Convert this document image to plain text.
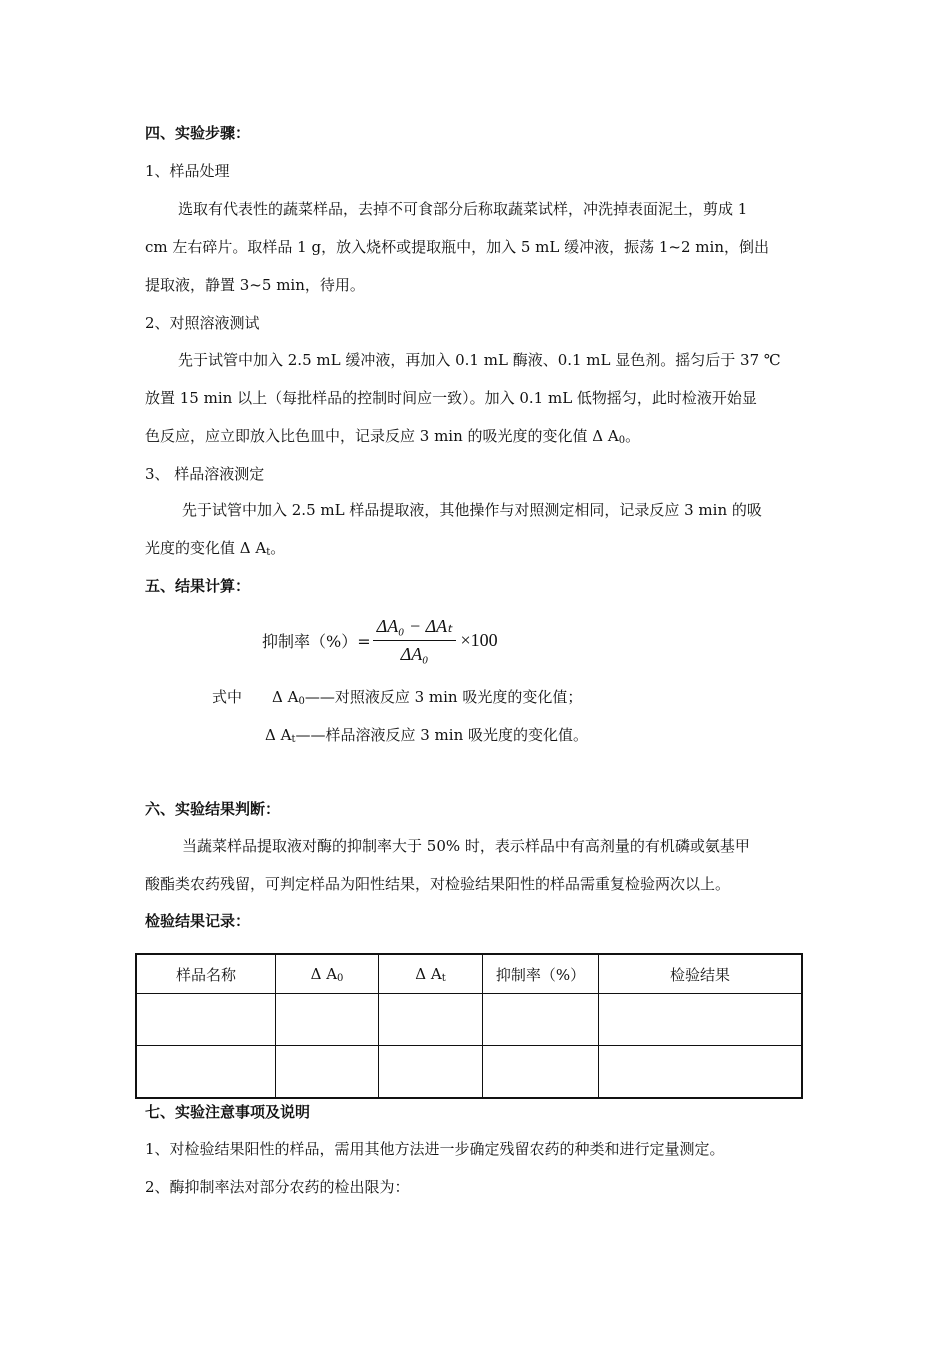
四、实验步骤：
1、样品处理
选取有代表性的蔬菜样品，去掉不可食部分后称取蔬菜试样，冲洗掉表面泥土，剪成 1
cm 左右碎片。取样品 1 g，放入烧杯或提取瓶中，加入 5 mL 缓冲液，振荡 1~2 min，倒出
提取液，静置 3~5 min，待用。
2、对照溶液测试
先于试管中加入 2.5 mL 缓冲液，再加入 0.1 mL 酶液、0.1 mL 显色剂。摇匀后于 37 ℃
放置 15 min 以上（每批样品的控制时间应一致）。加入 0.1 mL 低物摇匀，此时检液开始显
色反应，应立即放入比色皿中，记录反应 3 min 的吸光度的变化值 Δ $A_0$。
3、 样品溶液测定
先于试管中加入 2.5 mL 样品提取液，其他操作与对照测定相同，记录反应 3 min 的吸
光度的变化值 Δ $A_t$。
五、结果计算：
抑制率（%）= $\frac{\text{ΔA₀ − ΔAₜ}}{\text{ΔA₀}} \times 100$
式中 Δ $A_0——$对照液反应 3 min 吸光度的变化值；
Δ $A_t——$样品溶液反应 3 min 吸光度的变化值。
六、实验结果判断：
当蔬菜样品提取液对酶的抑制率大于 50% 时，表示样品中有高剂量的有机磷或氨基甲
酸酯类农药残留，可判定样品为阳性结果，对检验结果阳性的样品需重复检验两次以上。
检验结果记录：
样品名称	Δ $A_0$	Δ $A_t$	抑制率（%）	检验结果

七、实验注意事项及说明
1、对检验结果阳性的样品，需用其他方法进一步确定残留农药的种类和进行定量测定。
2、酶抑制率法对部分农药的检出限为：
